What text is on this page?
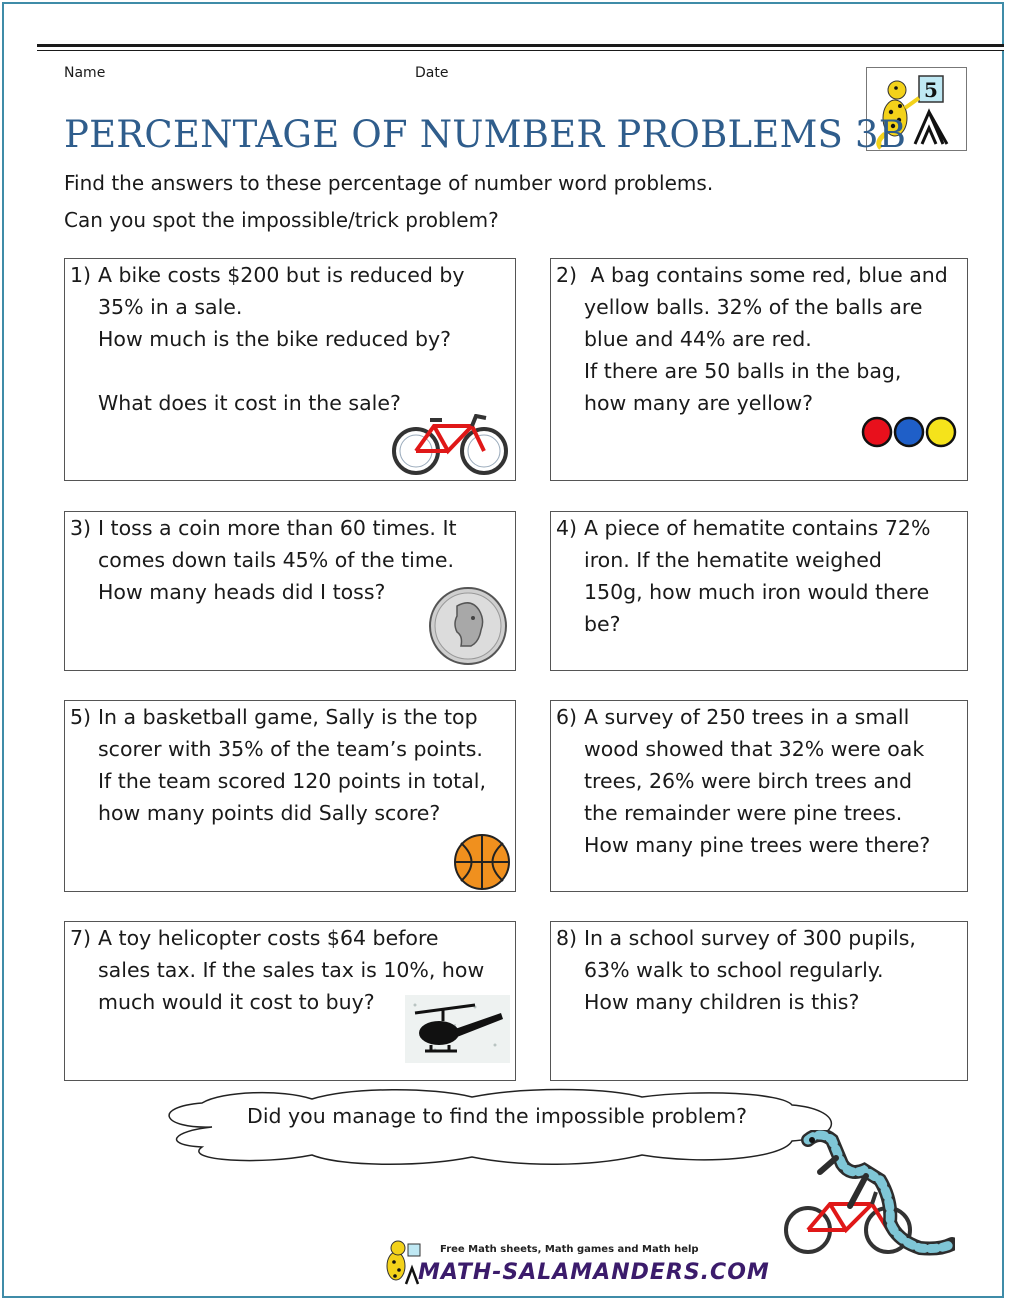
Name	Date
5
PERCENTAGE OF NUMBER PROBLEMS 3B
Find the answers to these percentage of number word problems.
Can you spot the impossible/trick problem?
1) A bike costs $200 but is reduced by
35% in a sale.
How much is the bike reduced by?
What does it cost in the sale?
2) A bag contains some red, blue and
yellow balls. 32% of the balls are
blue and 44% are red.
If there are 50 balls in the bag,
how many are yellow?
3) I toss a coin more than 60 times. It
comes down tails 45% of the time.
How many heads did I toss?
4) A piece of hematite contains 72%
iron. If the hematite weighed
150g, how much iron would there
be?
5) In a basketball game, Sally is the top
scorer with 35% of the team’s points.
If the team scored 120 points in total,
how many points did Sally score?
6) A survey of 250 trees in a small
wood showed that 32% were oak
trees, 26% were birch trees and
the remainder were pine trees.
How many pine trees were there?
7) A toy helicopter costs $64 before
sales tax. If the sales tax is 10%, how
much would it cost to buy?
8) In a school survey of 300 pupils,
63% walk to school regularly.
How many children is this?
Did you manage to find the impossible problem?
Free Math sheets, Math games and Math help
MATH-SALAMANDERS.COM
